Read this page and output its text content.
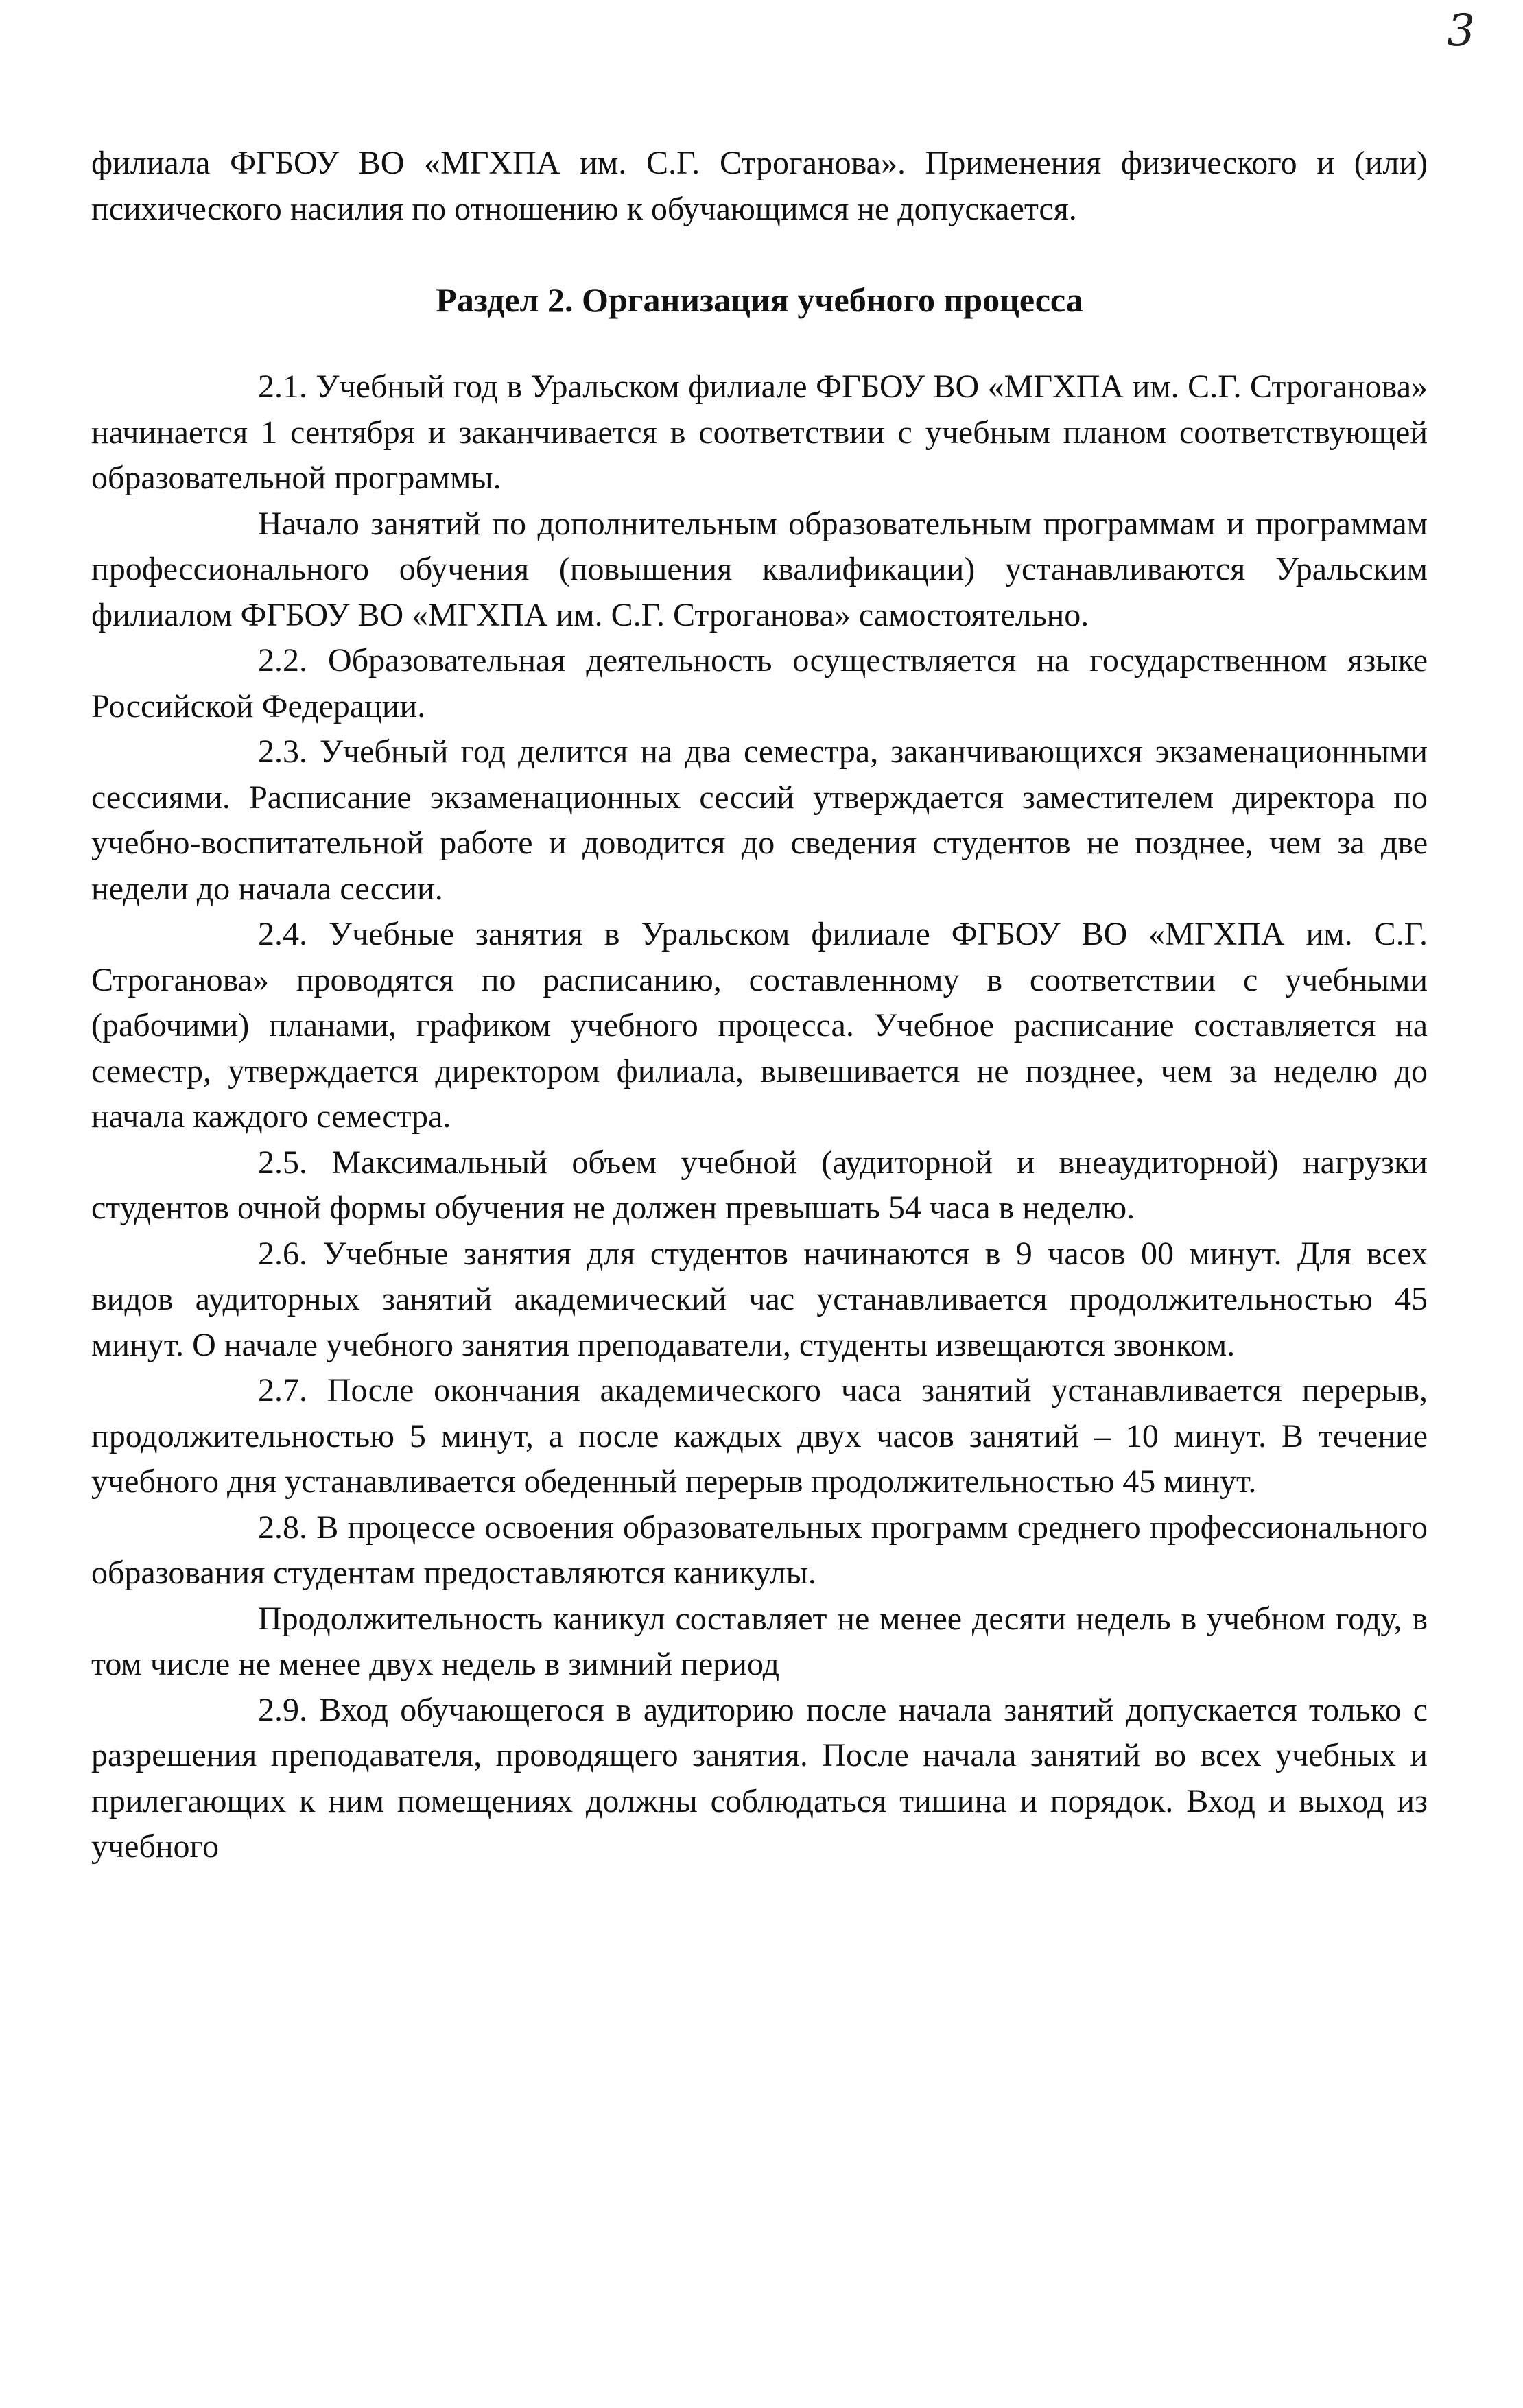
3

филиала ФГБОУ ВО «МГХПА им. С.Г. Строганова». Применения физического и (или) психического насилия по отношению к обучающимся не допускается.

Раздел 2. Организация учебного процесса

2.1. Учебный год в Уральском филиале ФГБОУ ВО «МГХПА им. С.Г. Строганова» начинается 1 сентября и заканчивается в соответствии с учебным планом соответствующей образовательной программы.

Начало занятий по дополнительным образовательным программам и программам профессионального обучения (повышения квалификации) устанавливаются Уральским филиалом ФГБОУ ВО «МГХПА им. С.Г. Строганова» самостоятельно.

2.2. Образовательная деятельность осуществляется на государственном языке Российской Федерации.

2.3. Учебный год делится на два семестра, заканчивающихся экзаменационными сессиями. Расписание экзаменационных сессий утверждается заместителем директора по учебно-воспитательной работе и доводится до сведения студентов не позднее, чем за две недели до начала сессии.

2.4. Учебные занятия в Уральском филиале ФГБОУ ВО «МГХПА им. С.Г. Строганова» проводятся по расписанию, составленному в соответствии с учебными (рабочими) планами, графиком учебного процесса. Учебное расписание составляется на семестр, утверждается директором филиала, вывешивается не позднее, чем за неделю до начала каждого семестра.

2.5. Максимальный объем учебной (аудиторной и внеаудиторной) нагрузки студентов очной формы обучения не должен превышать 54 часа в неделю.

2.6. Учебные занятия для студентов начинаются в 9 часов 00 минут. Для всех видов аудиторных занятий академический час устанавливается продолжительностью 45 минут. О начале учебного занятия преподаватели, студенты извещаются звонком.

2.7. После окончания академического часа занятий устанавливается перерыв, продолжительностью 5 минут, а после каждых двух часов занятий – 10 минут. В течение учебного дня устанавливается обеденный перерыв продолжительностью 45 минут.

2.8. В процессе освоения образовательных программ среднего профессионального образования студентам предоставляются каникулы.

Продолжительность каникул составляет не менее десяти недель в учебном году, в том числе не менее двух недель в зимний период

2.9. Вход обучающегося в аудиторию после начала занятий допускается только с разрешения преподавателя, проводящего занятия. После начала занятий во всех учебных и прилегающих к ним помещениях должны соблюдаться тишина и порядок. Вход и выход из учебного
